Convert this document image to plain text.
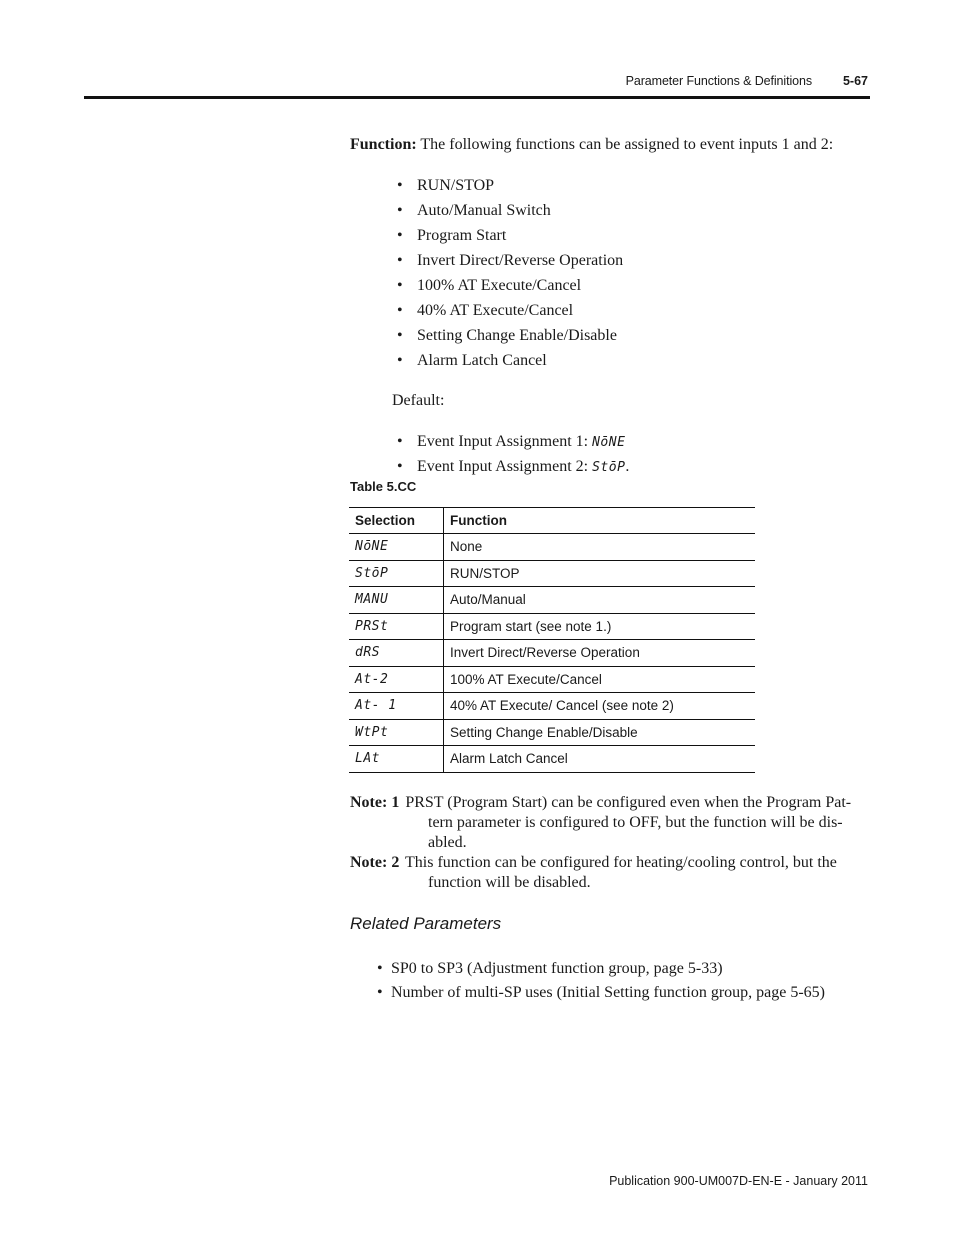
Parameter Functions & Definitions 5-67
Function: The following functions can be assigned to event inputs 1 and 2:
• RUN/STOP
• Auto/Manual Switch
• Program Start
• Invert Direct/Reverse Operation
• 100% AT Execute/Cancel
• 40% AT Execute/Cancel
• Setting Change Enable/Disable
• Alarm Latch Cancel
Default:
• Event Input Assignment 1: NōNE
• Event Input Assignment 2: StōP.
Table 5.CC
Selection	Function
NōNE	None
StōP	RUN/STOP
MANU	Auto/Manual
PRSt	Program start (see note 1.)
dRS	Invert Direct/Reverse Operation
At-2	100% AT Execute/Cancel
At- 1	40% AT Execute/ Cancel (see note 2)
WtPt	Setting Change Enable/Disable
LAt	Alarm Latch Cancel
Note: 1 PRST (Program Start) can be configured even when the Program Pat-
tern parameter is configured to OFF, but the function will be dis-
abled.
Note: 2 This function can be configured for heating/cooling control, but the
function will be disabled.
Related Parameters
• SP0 to SP3 (Adjustment function group, page 5-33)
• Number of multi-SP uses (Initial Setting function group, page 5-65)
Publication 900-UM007D-EN-E - January 2011
